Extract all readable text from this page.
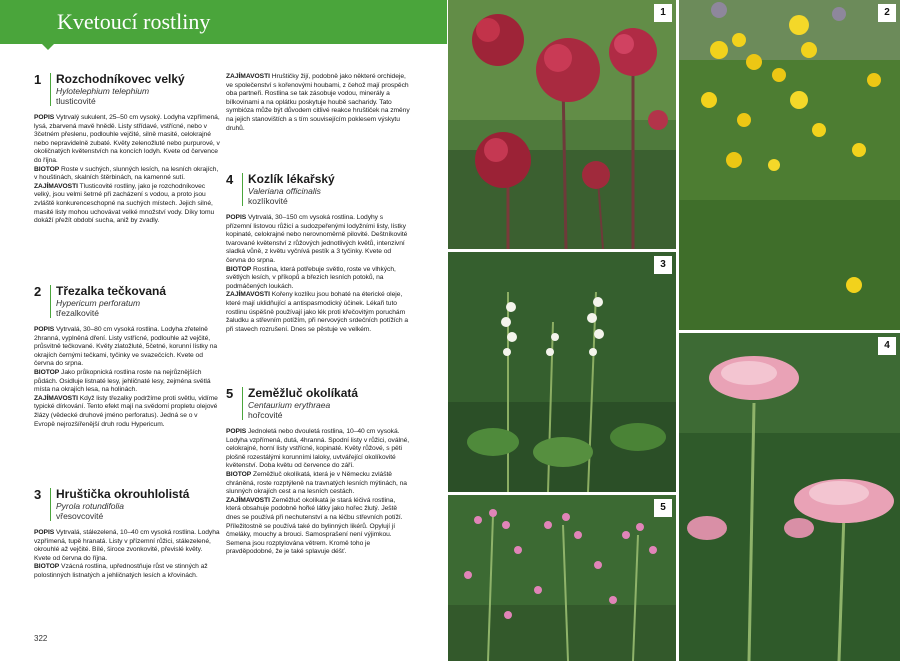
Kvetoucí rostliny
1	Rozchodníkovec velký
Hylotelephium telephium
tlusticovité

POPIS Vytrvalý sukulent, 25–50 cm vysoký. Lodyha vzpřímená, lysá, zbarvená mavě hnědě. Listy střídavé, vstřícné, nebo v 3četném přeslenu, podlouhle vejčité, silně masité, celokrajné nebo nepravidelně zubaté. Květy zelenožluté nebo purpurové, v okoličnatých květenstvích na koncích lodyh. Kvete od července do října.

BIOTOP Roste v suchých, slunných lesích, na lesních okrajích, v houštinách, skalních štěrbinách, na kamenné sutí.

ZAJÍMAVOSTI Tlusticovité rostliny, jako je rozchodníkovec velký, jsou velmi šetrné při zacházení s vodou, a proto jsou zvláště konkurenceschopné na suchých místech. Jejich silné, masité listy mohou uchovávat velké množství vody. Díky tomu dokáží přežít období sucha, aniž by zvadly.

2	Třezalka tečkovaná
Hypericum perforatum
třezalkovité

POPIS Vytrvalá, 30–80 cm vysoká rostlina. Lodyha zřetelně 2hranná, vyplněná dření. Listy vstřícné, podlouhle až vejčité, průsvitně tečkované. Květy zlatožluté, 5četné, korunní lístky na okrajích černými tečkami, tyčinky ve svazečcích. Kvete od června do srpna.

BIOTOP Jako průkopnická rostlina roste na nejrůznějších půdách. Osidluje listnaté lesy, jehličnaté lesy, zejména světlá místa na okrajích lesa, na holinách.

ZAJÍMAVOSTI Když listy třezalky podržíme proti světlu, vidíme typické dírkování. Tento efekt mají na svědomí propletu olejové žlázy (vědecké druhové jméno perforatus). Jedná se o v Evropě nejrozšířenější druh rodu Hypericum.

3	Hruštička okrouhlolistá
Pyrola rotundifolia
vřesovcovité

POPIS Vytrvalá, stálezelená, 10–40 cm vysoká rostlina. Lodyha vzpřímená, tupě hranatá. Listy v přízemní růžici, stálezelené, okrouhlé až vejčité. Bílé, široce zvonkovité, převislé květy. Kvete od června do října.

BIOTOP Vzácná rostlina, upřednostňuje růst ve stinných až polostinných listnatých a jehličnatých lesích a křovinách.

ZAJÍMAVOSTI Hruštičky žijí, podobně jako některé orchideje, ve společenství s kořenovými houbami, z čehož mají prospěch oba partneři. Rostlina se tak zásobuje vodou, minerály a bílkovinami a na oplátku poskytuje houbě sacharidy. Tato symbióza může být důvodem citlivé reakce hruštiček na změny na jejich stanovištích a s tím souvisejícím poklesem výskytu druhů.

4	Kozlík lékařský
Valeriana officinalis
kozlíkovité

POPIS Vytrvalá, 30–150 cm vysoká rostlina. Lodyhy s přízemní listovou růžicí a sudozpeřenými lodyžními listy, lístky kopinaté, celokrajné nebo nerovnoměrně pilovité. Deštníkovité tvarované květenství z růžových jednotlivých květů, intenzivní sladká vůně, z květu vyčnívá pestík a 3 tyčinky. Kvete od června do srpna.

BIOTOP Rostlina, která potřebuje světlo, roste ve vlhkých, světlých lesích, v příkopů a březích lesních potoků, na podmáčených loukách.

ZAJÍMAVOSTI Kořeny kozlíku jsou bohaté na éterické oleje, které mají uklidňující a antispasmodický účinek. Lékaři tuto rostlinu úspěšně používají jako lék proti křečovitým poruchám žaludku a střevním potížím, při nervových srdečních potížích a při stavech rozrušení. Dnes se pěstuje ve velkém.

5	Zeměžluč okolíkatá
Centaurium erythraea
hořcovité

POPIS Jednoletá nebo dvouletá rostlina, 10–40 cm vysoká. Lodyha vzpřímená, dutá, 4hranná. Spodní listy v růžici, oválné, celokrajné, horní listy vstřícné, kopinaté. Květy růžové, s pěti plošně rozestálými korunními laloky, uvtvářející okolíkovité květenství. Doba květu od července do září.

BIOTOP Zeměžluč okolíkatá, která je v Německu zvláště chráněná, roste rozptýleně na travnatých lesních mýtinách, na slunných okrajích cest a na lesních cestách.

ZAJÍMAVOSTI Zeměžluč okolíkatá je stará léčivá rostlina, která obsahuje podobně hořké látky jako hořec žlutý. Ještě dnes se používá při nechutenství a na léčbu střevních potíží. Příležitostně se používá také do bylinných likérů. Opylují jí čmeláky, mouchy a brouci. Samosprašení není výjimkou. Semena jsou rozptylována větrem. Kromě toho je pravděpodobné, že je také splavuje déšť.

322
1	2
3
4
5
